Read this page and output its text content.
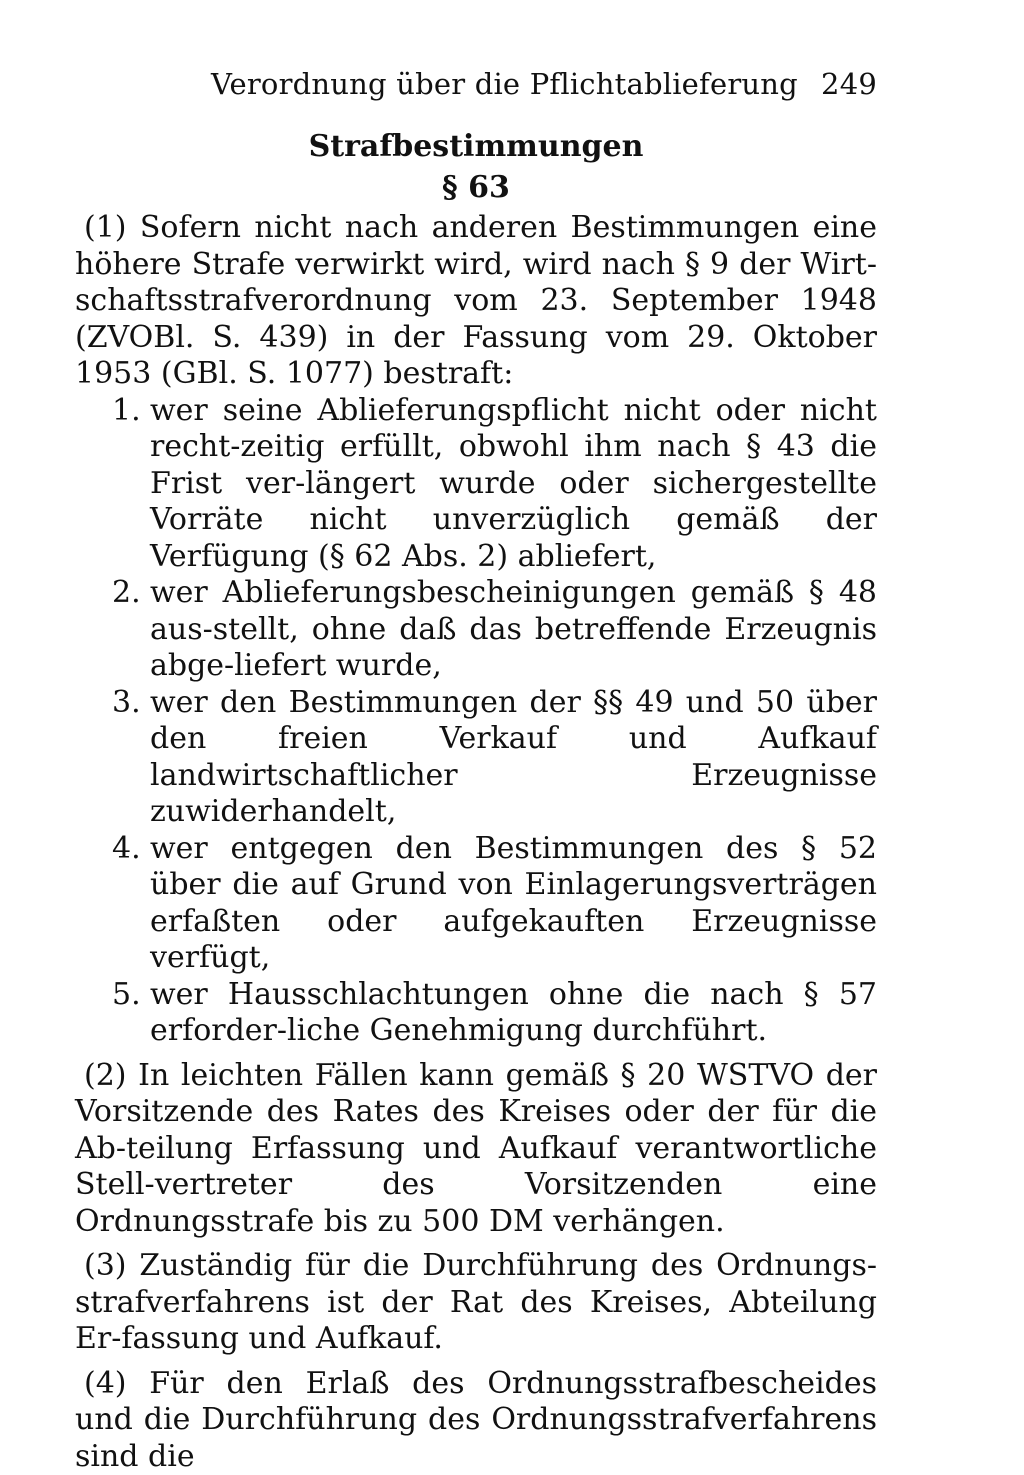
Verordnung über die Pflichtablieferung 249
Strafbestimmungen
§ 63

(1) Sofern nicht nach anderen Bestimmungen eine höhere Strafe verwirkt wird, wird nach § 9 der Wirt-schaftsstrafverordnung vom 23. September 1948 (ZVOBl. S. 439) in der Fassung vom 29. Oktober 1953 (GBl. S. 1077) bestraft:

1. wer seine Ablieferungspflicht nicht oder nicht recht-zeitig erfüllt, obwohl ihm nach § 43 die Frist ver-längert wurde oder sichergestellte Vorräte nicht unverzüglich gemäß der Verfügung (§ 62 Abs. 2) abliefert,
2. wer Ablieferungsbescheinigungen gemäß § 48 aus-stellt, ohne daß das betreffende Erzeugnis abge-liefert wurde,
3. wer den Bestimmungen der §§ 49 und 50 über den freien Verkauf und Aufkauf landwirtschaftlicher Erzeugnisse zuwiderhandelt,
4. wer entgegen den Bestimmungen des § 52 über die auf Grund von Einlagerungsverträgen erfaßten oder aufgekauften Erzeugnisse verfügt,
5. wer Hausschlachtungen ohne die nach § 57 erforder-liche Genehmigung durchführt.

(2) In leichten Fällen kann gemäß § 20 WSTVO der Vorsitzende des Rates des Kreises oder der für die Ab-teilung Erfassung und Aufkauf verantwortliche Stell-vertreter des Vorsitzenden eine Ordnungsstrafe bis zu 500 DM verhängen.

(3) Zuständig für die Durchführung des Ordnungs-strafverfahrens ist der Rat des Kreises, Abteilung Er-fassung und Aufkauf.

(4) Für den Erlaß des Ordnungsstrafbescheides und die Durchführung des Ordnungsstrafverfahrens sind die
